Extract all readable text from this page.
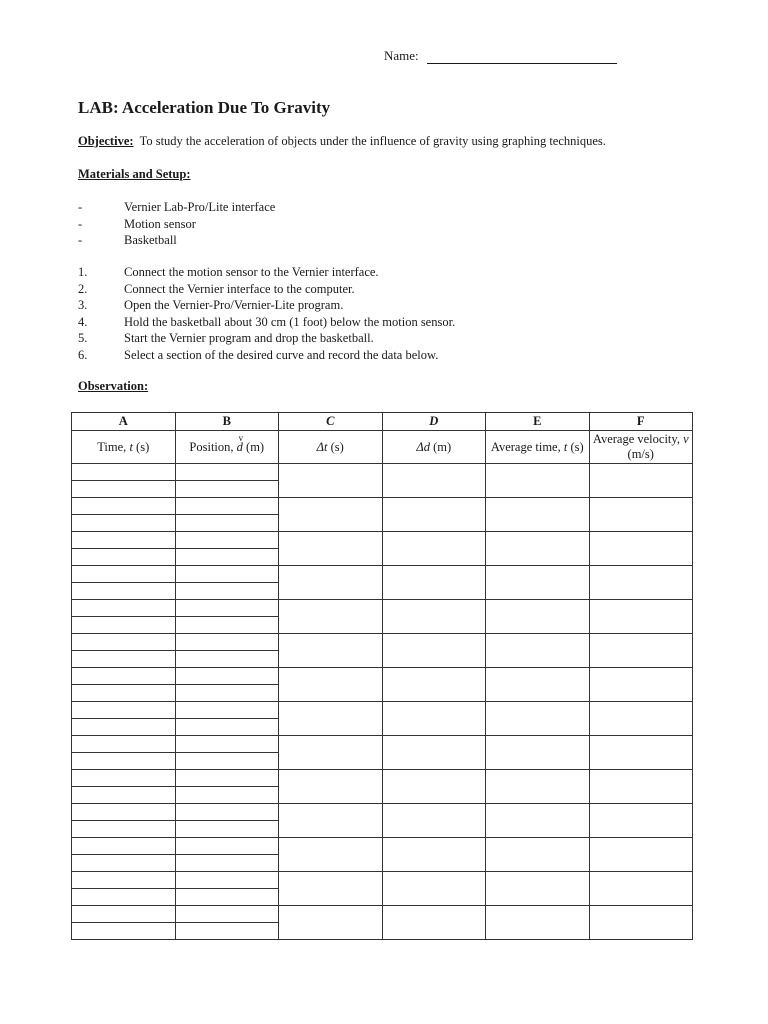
Name:
LAB: Acceleration Due To Gravity
Objective: To study the acceleration of objects under the influence of gravity using graphing techniques.
Materials and Setup:
-	Vernier Lab-Pro/Lite interface
-	Motion sensor
-	Basketball
1.	Connect the motion sensor to the Vernier interface.
2.	Connect the Vernier interface to the computer.
3.	Open the Vernier-Pro/Vernier-Lite program.
4.	Hold the basketball about 30 cm (1 foot) below the motion sensor.
5.	Start the Vernier program and drop the basketball.
6.	Select a section of the desired curve and record the data below.
Observation:
A	B	C	D	E	F
Time, t (s)	Position, v d (m)	Δt (s)	Δd (m)	Average time, t (s)	Average velocity, v (m/s)
